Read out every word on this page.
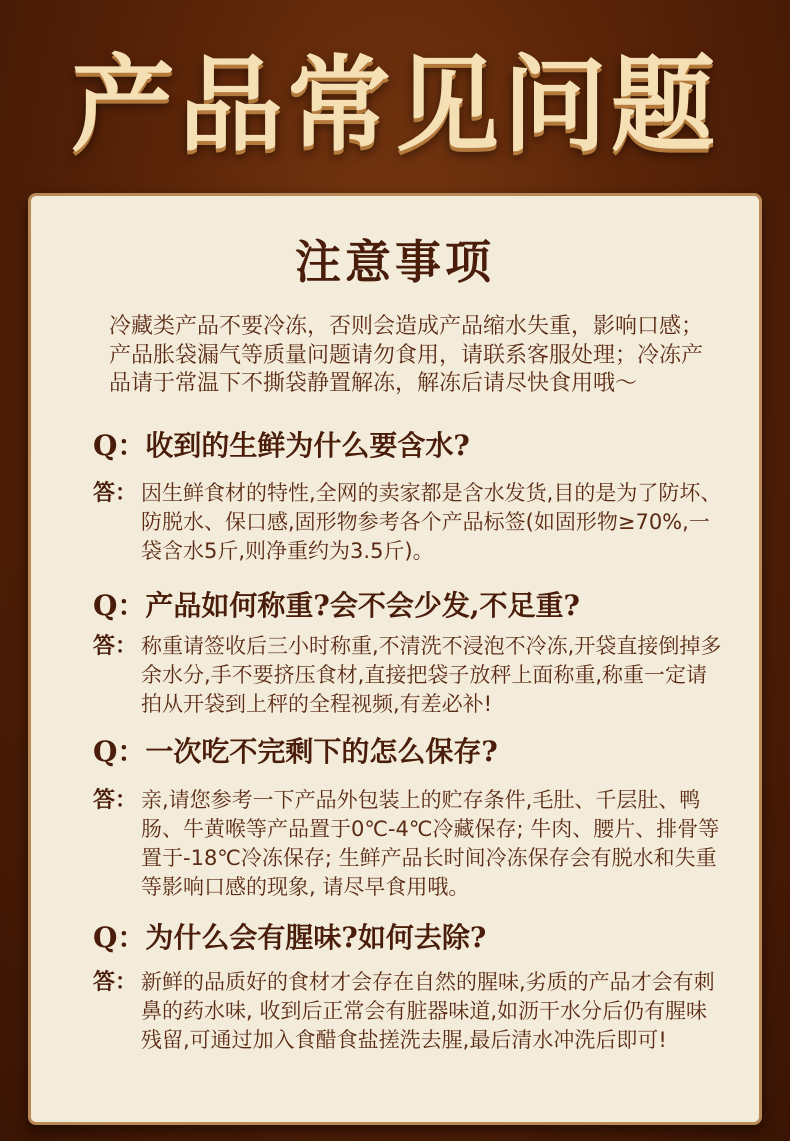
产品常见问题
注意事项

冷藏类产品不要冷冻，否则会造成产品缩水失重，影响口感；产品胀袋漏气等质量问题请勿食用，请联系客服处理；冷冻产品请于常温下不撕袋静置解冻，解冻后请尽快食用哦～

Q：收到的生鲜为什么要含水?

答： 因生鲜食材的特性,全网的卖家都是含水发货,目的是为了防坏、防脱水、保口感,固形物参考各个产品标签(如固形物≥70%,一袋含水5斤,则净重约为3.5斤)。

Q：产品如何称重?会不会少发,不足重?

答： 称重请签收后三小时称重,不清洗不浸泡不冷冻,开袋直接倒掉多余水分,手不要挤压食材,直接把袋子放秤上面称重,称重一定请拍从开袋到上秤的全程视频,有差必补!

Q：一次吃不完剩下的怎么保存?

答： 亲,请您参考一下产品外包装上的贮存条件,毛肚、千层肚、鸭肠、牛黄喉等产品置于0℃-4℃冷藏保存; 牛肉、腰片、排骨等置于-18℃冷冻保存; 生鲜产品长时间冷冻保存会有脱水和失重等影响口感的现象, 请尽早食用哦。

Q：为什么会有腥味?如何去除?

答： 新鲜的品质好的食材才会存在自然的腥味,劣质的产品才会有刺鼻的药水味, 收到后正常会有脏器味道,如沥干水分后仍有腥味残留,可通过加入食醋食盐搓洗去腥,最后清水冲洗后即可!
